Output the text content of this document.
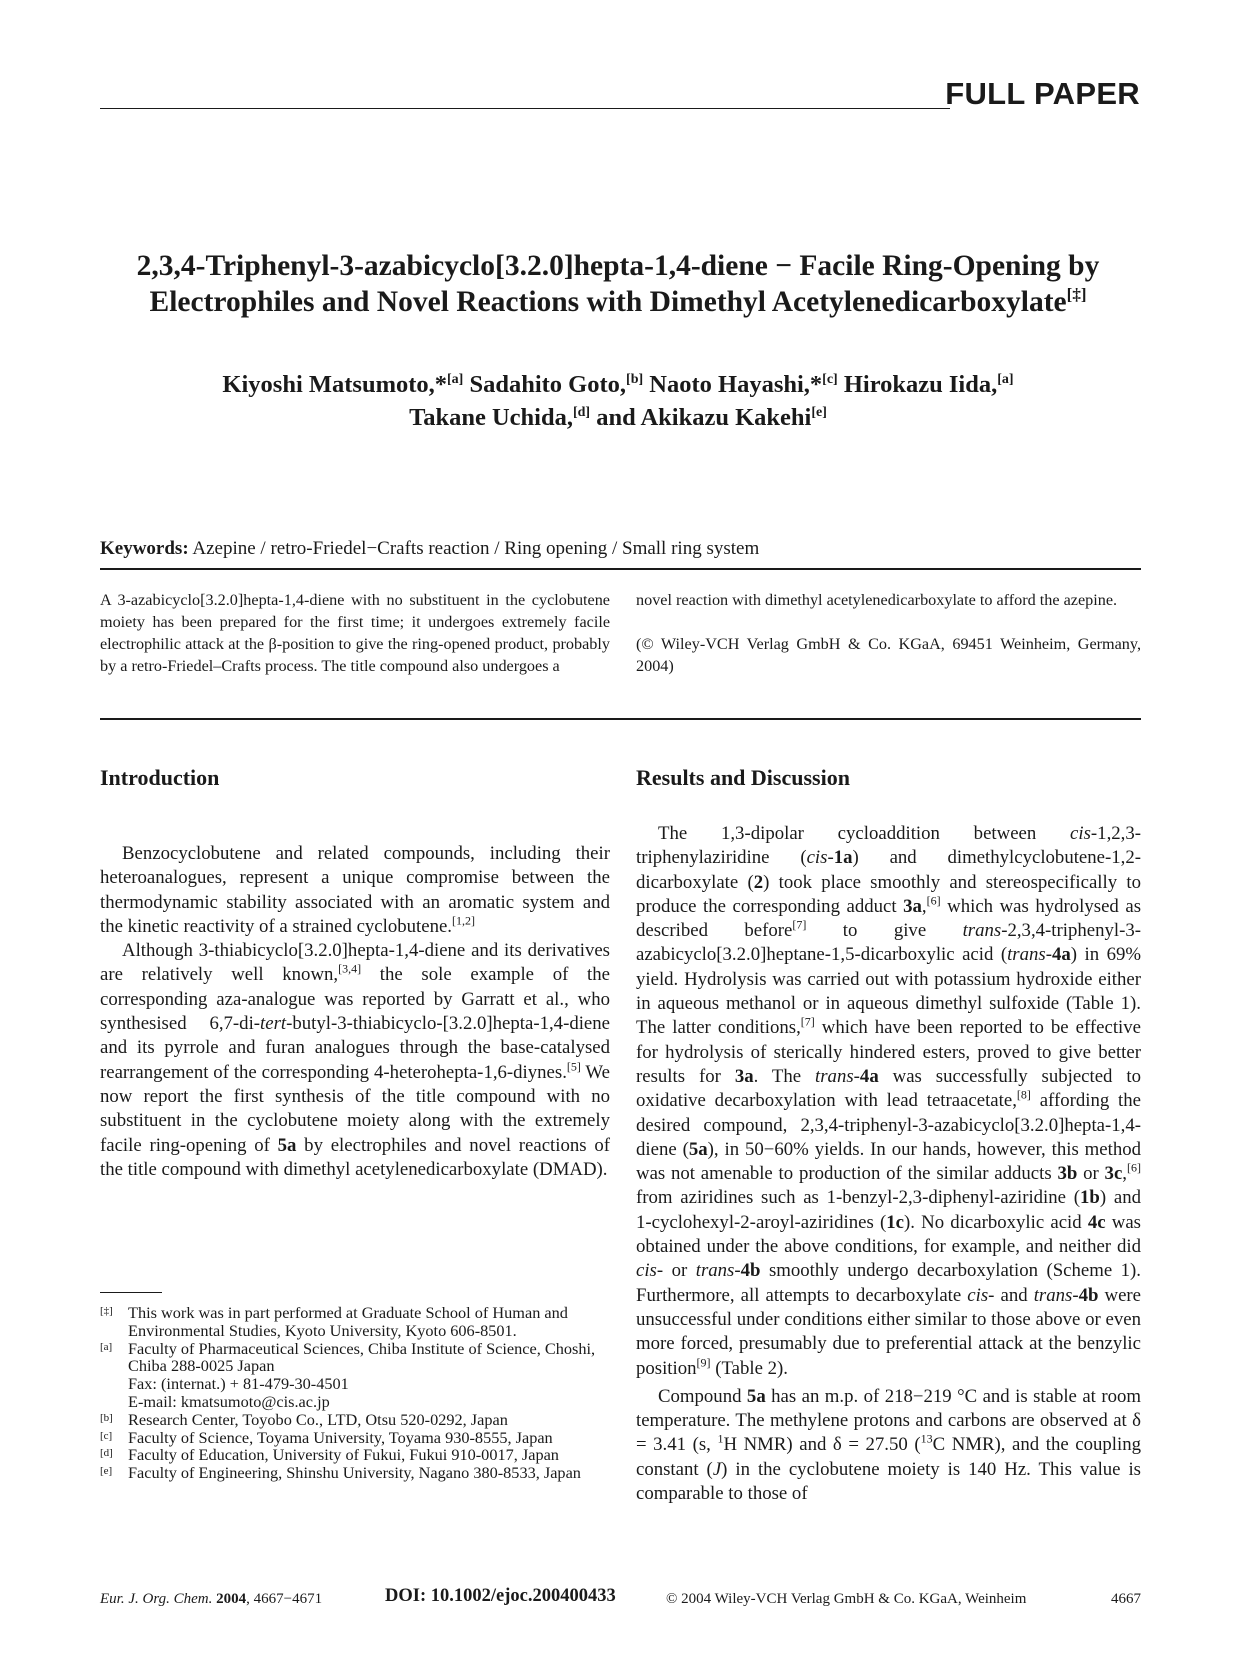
FULL PAPER
2,3,4-Triphenyl-3-azabicyclo[3.2.0]hepta-1,4-diene − Facile Ring-Opening by Electrophiles and Novel Reactions with Dimethyl Acetylenedicarboxylate[‡]
Kiyoshi Matsumoto,*[a] Sadahito Goto,[b] Naoto Hayashi,*[c] Hirokazu Iida,[a]
Takane Uchida,[d] and Akikazu Kakehi[e]
Keywords: Azepine / retro-Friedel−Crafts reaction / Ring opening / Small ring system
A 3-azabicyclo[3.2.0]hepta-1,4-diene with no substituent in the cyclobutene moiety has been prepared for the first time; it undergoes extremely facile electrophilic attack at the β-position to give the ring-opened product, probably by a retro-Friedel–Crafts process. The title compound also undergoes a

novel reaction with dimethyl acetylenedicarboxylate to afford the azepine.

(© Wiley-VCH Verlag GmbH & Co. KGaA, 69451 Weinheim, Germany, 2004)

Introduction	Results and Discussion

Benzocyclobutene and related compounds, including their heteroanalogues, represent a unique compromise between the thermodynamic stability associated with an aromatic system and the kinetic reactivity of a strained cyclobutene.[1,2]

Although 3-thiabicyclo[3.2.0]hepta-1,4-diene and its derivatives are relatively well known,[3,4] the sole example of the corresponding aza-analogue was reported by Garratt et al., who synthesised 6,7-di-tert-butyl-3-thiabicyclo-[3.2.0]hepta-1,4-diene and its pyrrole and furan analogues through the base-catalysed rearrangement of the corresponding 4-heterohepta-1,6-diynes.[5] We now report the first synthesis of the title compound with no substituent in the cyclobutene moiety along with the extremely facile ring-opening of 5a by electrophiles and novel reactions of the title compound with dimethyl acetylenedicarboxylate (DMAD).

The 1,3-dipolar cycloaddition between cis-1,2,3-triphenylaziridine (cis-1a) and dimethylcyclobutene-1,2-dicarboxylate (2) took place smoothly and stereospecifically to produce the corresponding adduct 3a,[6] which was hydrolysed as described before[7] to give trans-2,3,4-triphenyl-3-azabicyclo[3.2.0]heptane-1,5-dicarboxylic acid (trans-4a) in 69% yield. Hydrolysis was carried out with potassium hydroxide either in aqueous methanol or in aqueous dimethyl sulfoxide (Table 1). The latter conditions,[7] which have been reported to be effective for hydrolysis of sterically hindered esters, proved to give better results for 3a. The trans-4a was successfully subjected to oxidative decarboxylation with lead tetraacetate,[8] affording the desired compound, 2,3,4-triphenyl-3-azabicyclo[3.2.0]hepta-1,4-diene (5a), in 50−60% yields. In our hands, however, this method was not amenable to production of the similar adducts 3b or 3c,[6] from aziridines such as 1-benzyl-2,3-diphenyl-aziridine (1b) and 1-cyclohexyl-2-aroyl-aziridines (1c). No dicarboxylic acid 4c was obtained under the above conditions, for example, and neither did cis- or trans-4b smoothly undergo decarboxylation (Scheme 1). Furthermore, all attempts to decarboxylate cis- and trans-4b were unsuccessful under conditions either similar to those above or even more forced, presumably due to preferential attack at the benzylic position[9] (Table 2).

Compound 5a has an m.p. of 218−219 °C and is stable at room temperature. The methylene protons and carbons are observed at δ = 3.41 (s, $^1$H NMR) and δ = 27.50 ($^{13}$C NMR), and the coupling constant (J) in the cyclobutene moiety is 140 Hz. This value is comparable to those of

[‡] This work was in part performed at Graduate School of Human and Environmental Studies, Kyoto University, Kyoto 606-8501.
[a] Faculty of Pharmaceutical Sciences, Chiba Institute of Science, Choshi, Chiba 288-0025 Japan
Fax: (internat.) + 81-479-30-4501
E-mail: kmatsumoto@cis.ac.jp
[b] Research Center, Toyobo Co., LTD, Otsu 520-0292, Japan
[c] Faculty of Science, Toyama University, Toyama 930-8555, Japan
[d] Faculty of Education, University of Fukui, Fukui 910-0017, Japan
[e] Faculty of Engineering, Shinshu University, Nagano 380-8533, Japan
Eur. J. Org. Chem. 2004, 4667−4671	DOI: 10.1002/ejoc.200400433	© 2004 Wiley-VCH Verlag GmbH & Co. KGaA, Weinheim	4667
